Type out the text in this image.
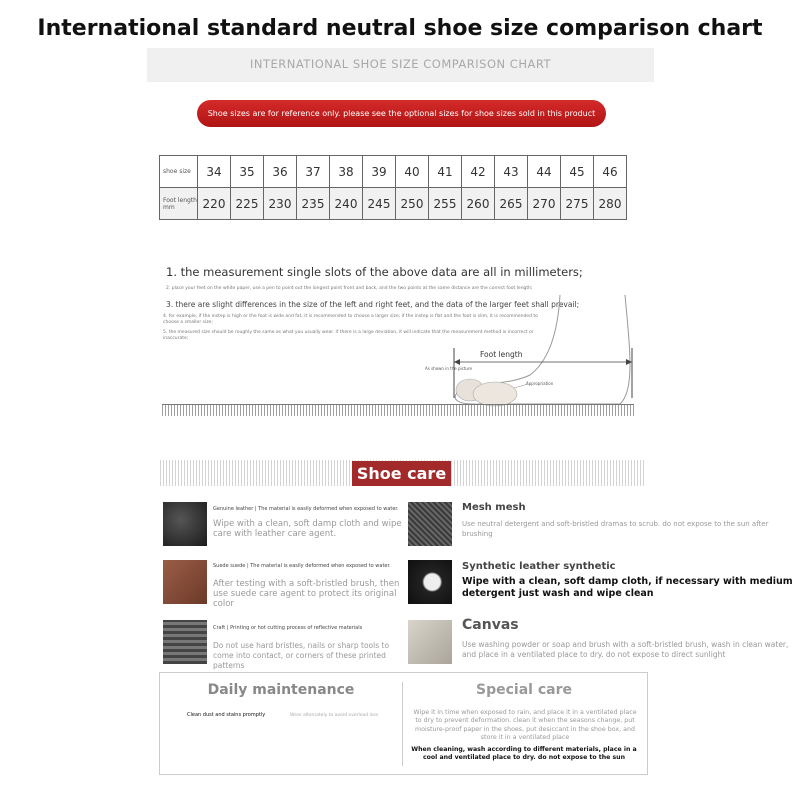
International standard neutral shoe size comparison chart
INTERNATIONAL SHOE SIZE COMPARISON CHART
Shoe sizes are for reference only. please see the optional sizes for shoe sizes sold in this product
shoe size	34	35	36	37	38	39	40	41	42	43	44	45	46
Foot length mm	220	225	230	235	240	245	250	255	260	265	270	275	280
1. the measurement single slots of the above data are all in millimeters;
2. place your feet on the white paper, use a pen to point out the longest point front and back, and the two points at the same distance are the correct foot length;
3. there are slight differences in the size of the left and right feet, and the data of the larger feet shall prevail;
4. for example, if the instep is high or the foot is wide and fat, it is recommended to choose a larger size; if the instep is flat and the foot is slim, it is recommended to choose a smaller size;
5. the measured size should be roughly the same as what you usually wear. if there is a large deviation, it will indicate that the measurement method is incorrect or inaccurate;
Foot length
As shown in the picture
Appropriation
Shoe care
Genuine leather | The material is easily deformed when exposed to water.
Wipe with a clean, soft damp cloth and wipe care with leather care agent.
Mesh mesh
Use neutral detergent and soft-bristled dramas to scrub. do not expose to the sun after brushing
Suede suede | The material is easily deformed when exposed to water.
After testing with a soft-bristled brush, then use suede care agent to protect its original color
Synthetic leather synthetic
Wipe with a clean, soft damp cloth, if necessary with medium detergent just wash and wipe clean
Craft | Printing or hot cutting process of reflective materials
Do not use hard bristles, nails or sharp tools to come into contact, or corners of these printed patterns
Canvas
Use washing powder or soap and brush with a soft-bristled brush, wash in clean water, and place in a ventilated place to dry. do not expose to direct sunlight
Daily maintenance
Clean dust and stains promptly	Wear alternately to avoid overload loss
Special care
Wipe it in time when exposed to rain, and place it in a ventilated place to dry to prevent deformation. clean it when the seasons change, put moisture-proof paper in the shoes, put desiccant in the shoe box, and store it in a ventilated place
When cleaning, wash according to different materials, place in a cool and ventilated place to dry. do not expose to the sun
